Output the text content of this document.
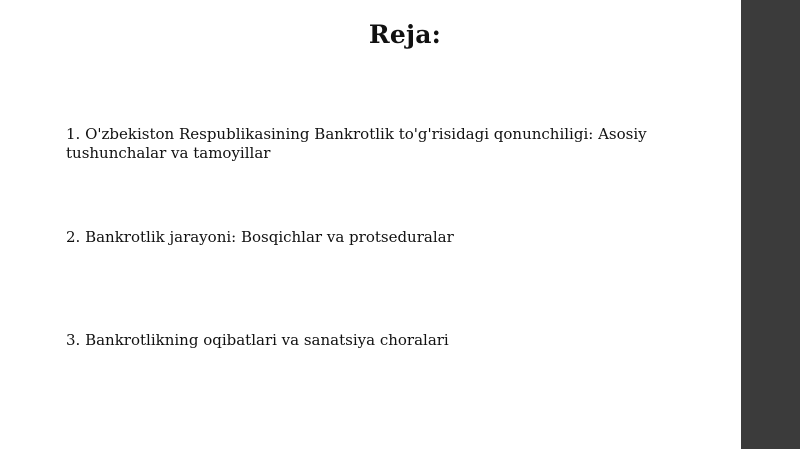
Reja:
1. O'zbekiston Respublikasining Bankrotlik to'g'risidagi qonunchiligi: Asosiy tushunchalar va tamoyillar
2. Bankrotlik jarayoni: Bosqichlar va protseduralar
3. Bankrotlikning oqibatlari va sanatsiya choralari
